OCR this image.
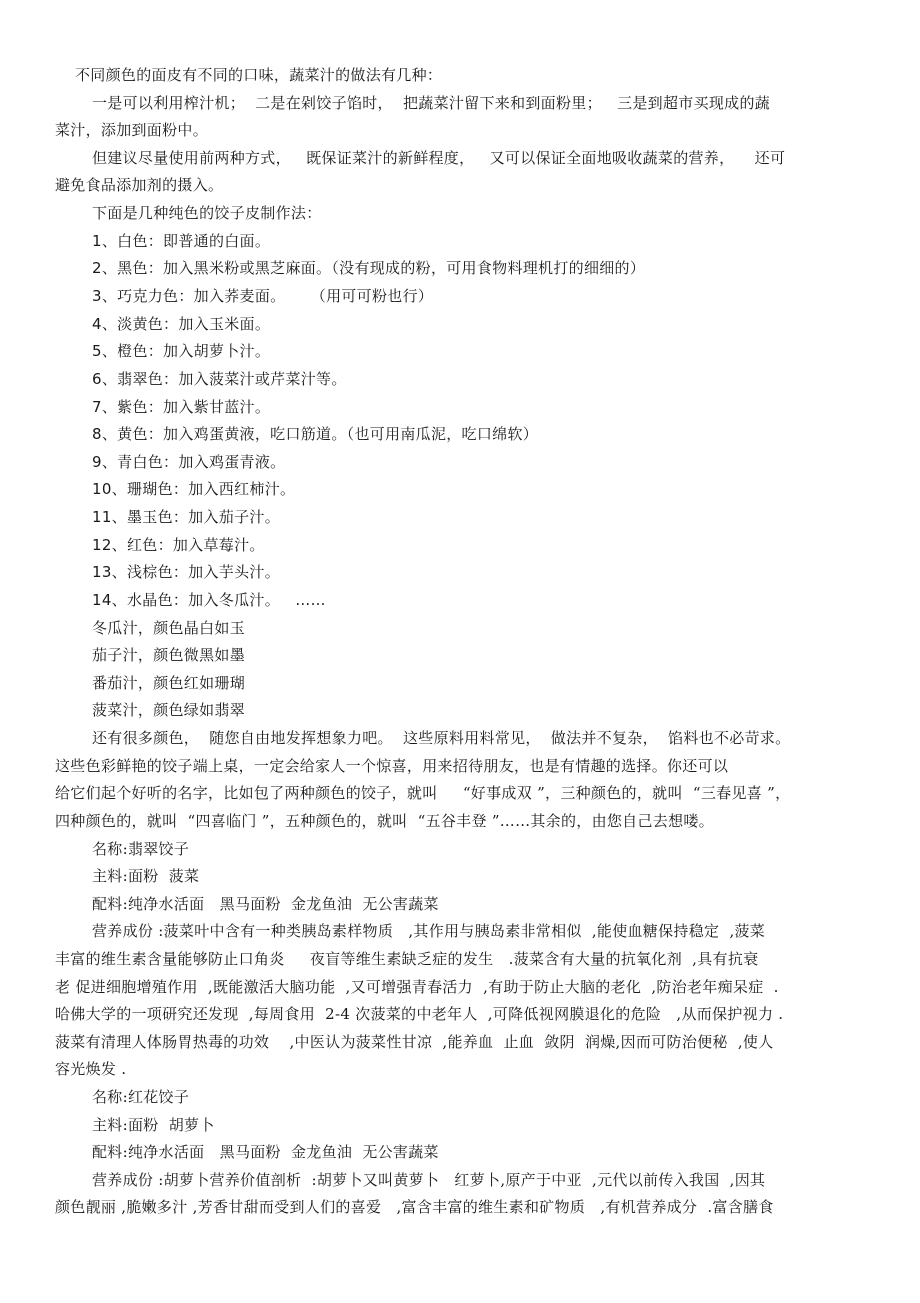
不同颜色的面皮有不同的口味，蔬菜汁的做法有几种：
一是可以利用榨汁机；  二是在剁饺子馅时，  把蔬菜汁留下来和到面粉里；   三是到超市买现成的蔬
菜汁，添加到面粉中。
但建议尽量使用前两种方式，   既保证菜汁的新鲜程度，   又可以保证全面地吸收蔬菜的营养，    还可
避免食品添加剂的摄入。
下面是几种纯色的饺子皮制作法：
1、白色：即普通的白面。
2、黑色：加入黑米粉或黑芝麻面。（没有现成的粉，可用食物料理机打的细细的）
3、巧克力色：加入荞麦面。     （用可可粉也行）
4、淡黄色：加入玉米面。
5、橙色：加入胡萝卜汁。
6、翡翠色：加入菠菜汁或芹菜汁等。
7、紫色：加入紫甘蓝汁。
8、黄色：加入鸡蛋黄液，吃口筋道。（也可用南瓜泥，吃口绵软）
9、青白色：加入鸡蛋青液。
10、珊瑚色：加入西红柿汁。
11、墨玉色：加入茄子汁。
12、红色：加入草莓汁。
13、浅棕色：加入芋头汁。
14、水晶色：加入冬瓜汁。   ……
冬瓜汁，颜色晶白如玉
茄子汁，颜色微黑如墨
番茄汁，颜色红如珊瑚
菠菜汁，颜色绿如翡翠
还有很多颜色，  随您自由地发挥想象力吧。  这些原料用料常见，  做法并不复杂，  馅料也不必苛求。
这些色彩鲜艳的饺子端上桌，一定会给家人一个惊喜，用来招待朋友，也是有情趣的选择。你还可以
给它们起个好听的名字，比如包了两种颜色的饺子，就叫     “好事成双 ”，三种颜色的，就叫  “三春见喜 ”，
四种颜色的，就叫  “四喜临门 ”，五种颜色的，就叫  “五谷丰登 ”……其余的，由您自己去想喽。
名称:翡翠饺子
主料:面粉  菠菜
配料:纯净水活面   黑马面粉  金龙鱼油  无公害蔬菜
营养成份 :菠菜叶中含有一种类胰岛素样物质   ,其作用与胰岛素非常相似  ,能使血糖保持稳定  ,菠菜
丰富的维生素含量能够防止口角炎     夜盲等维生素缺乏症的发生   .菠菜含有大量的抗氧化剂  ,具有抗衰
老 促进细胞增殖作用  ,既能激活大脑功能  ,又可增强青春活力  ,有助于防止大脑的老化  ,防治老年痴呆症  .
哈佛大学的一项研究还发现  ,每周食用  2-4 次菠菜的中老年人  ,可降低视网膜退化的危险   ,从而保护视力 .
菠菜有清理人体肠胃热毒的功效    ,中医认为菠菜性甘凉  ,能养血  止血  敛阴  润燥,因而可防治便秘  ,使人
容光焕发 .
名称:红花饺子
主料:面粉  胡萝卜
配料:纯净水活面   黑马面粉  金龙鱼油  无公害蔬菜
营养成份 :胡萝卜营养价值剖析  :胡萝卜又叫黄萝卜   红萝卜,原产于中亚  ,元代以前传入我国  ,因其
颜色靓丽 ,脆嫩多汁 ,芳香甘甜而受到人们的喜爱   ,富含丰富的维生素和矿物质   ,有机营养成分  .富含膳食
